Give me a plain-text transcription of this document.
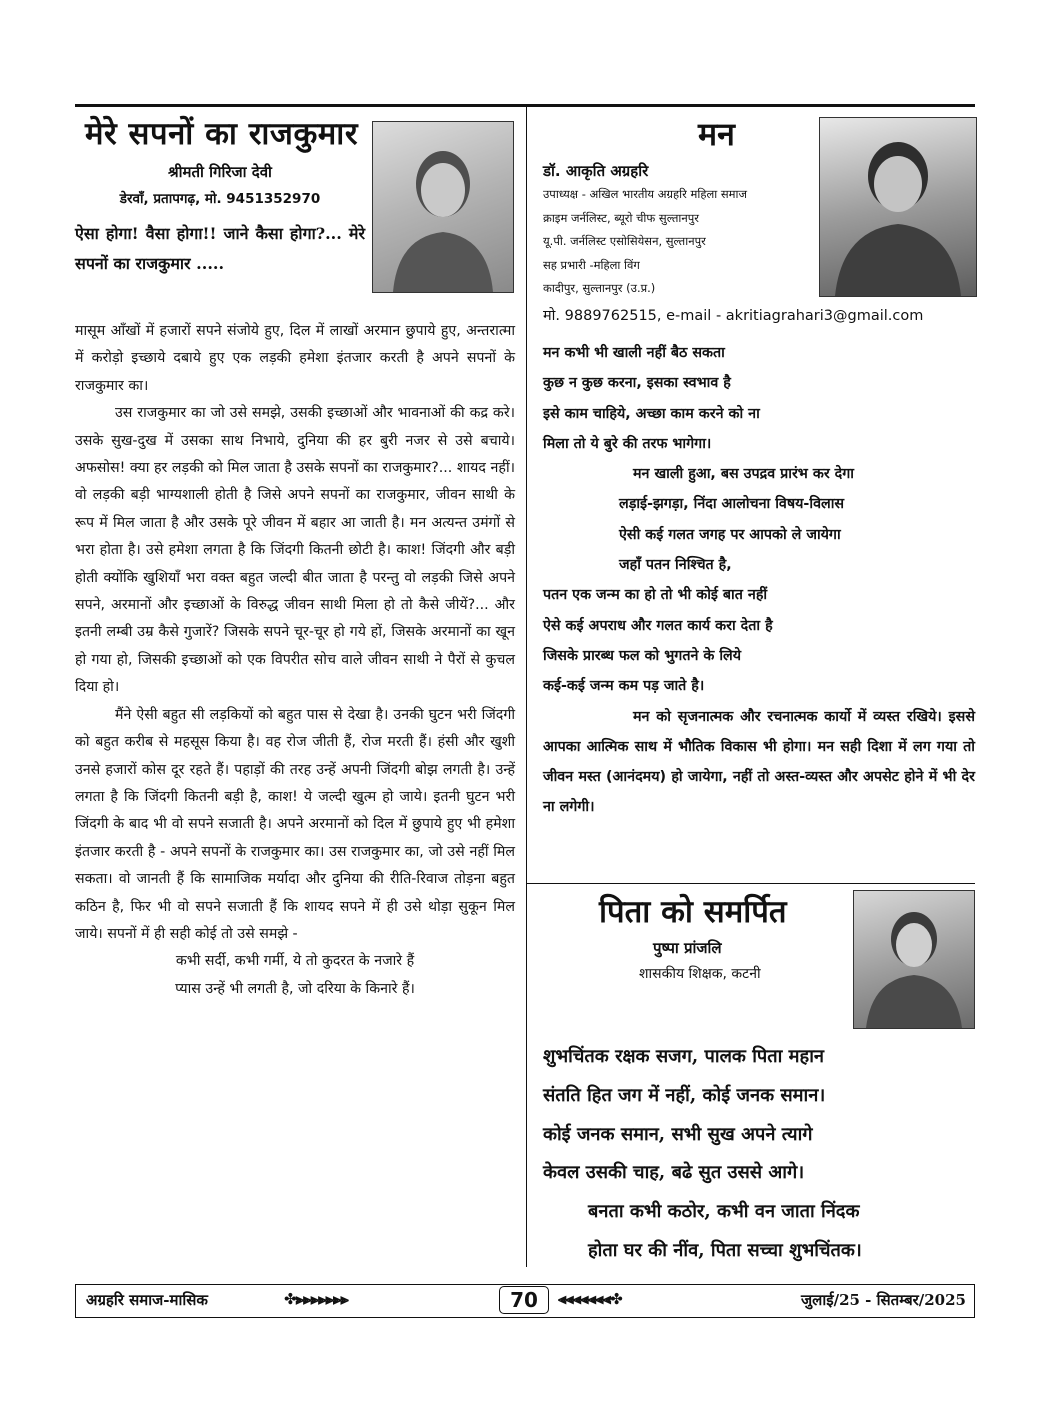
मेरे सपनों का राजकुमार
श्रीमती गिरिजा देवी
डेरवाँ, प्रतापगढ़, मो. 9451352970
ऐसा होगा! वैसा होगा!! जाने कैसा होगा?... मेरे सपनों का राजकुमार .....

मासूम आँखों में हजारों सपने संजोये हुए, दिल में लाखों अरमान छुपाये हुए, अन्तरात्मा में करोड़ो इच्छाये दबाये हुए एक लड़की हमेशा इंतजार करती है अपने सपनों के राजकुमार का।

उस राजकुमार का जो उसे समझे, उसकी इच्छाओं और भावनाओं की कद्र करे। उसके सुख-दुख में उसका साथ निभाये, दुनिया की हर बुरी नजर से उसे बचाये। अफसोस! क्या हर लड़की को मिल जाता है उसके सपनों का राजकुमार?... शायद नहीं। वो लड़की बड़ी भाग्यशाली होती है जिसे अपने सपनों का राजकुमार, जीवन साथी के रूप में मिल जाता है और उसके पूरे जीवन में बहार आ जाती है। मन अत्यन्त उमंगों से भरा होता है। उसे हमेशा लगता है कि जिंदगी कितनी छोटी है। काश! जिंदगी और बड़ी होती क्योंकि खुशियाँ भरा वक्त बहुत जल्दी बीत जाता है परन्तु वो लड़की जिसे अपने सपने, अरमानों और इच्छाओं के विरुद्ध जीवन साथी मिला हो तो कैसे जीयें?... और इतनी लम्बी उम्र कैसे गुजारें? जिसके सपने चूर-चूर हो गये हों, जिसके अरमानों का खून हो गया हो, जिसकी इच्छाओं को एक विपरीत सोच वाले जीवन साथी ने पैरों से कुचल दिया हो।

मैंने ऐसी बहुत सी लड़कियों को बहुत पास से देखा है। उनकी घुटन भरी जिंदगी को बहुत करीब से महसूस किया है। वह रोज जीती हैं, रोज मरती हैं। हंसी और खुशी उनसे हजारों कोस दूर रहते हैं। पहाड़ों की तरह उन्हें अपनी जिंदगी बोझ लगती है। उन्हें लगता है कि जिंदगी कितनी बड़ी है, काश! ये जल्दी खुत्म हो जाये। इतनी घुटन भरी जिंदगी के बाद भी वो सपने सजाती है। अपने अरमानों को दिल में छुपाये हुए भी हमेशा इंतजार करती है - अपने सपनों के राजकुमार का। उस राजकुमार का, जो उसे नहीं मिल सकता। वो जानती हैं कि सामाजिक मर्यादा और दुनिया की रीति-रिवाज तोड़ना बहुत कठिन है, फिर भी वो सपने सजाती हैं कि शायद सपने में ही उसे थोड़ा सुकून मिल जाये। सपनों में ही सही कोई तो उसे समझे -

कभी सर्दी, कभी गर्मी, ये तो कुदरत के नजारे हैं

प्यास उन्हें भी लगती है, जो दरिया के किनारे हैं।

मन
डॉ. आकृति अग्रहरि
उपाध्यक्ष - अखिल भारतीय अग्रहरि महिला समाज
क्राइम जर्नलिस्ट, ब्यूरो चीफ सुल्तानपुर
यू.पी. जर्नलिस्ट एसोसियेसन, सुल्तानपुर
सह प्रभारी -महिला विंग
कादीपुर, सुल्तानपुर (उ.प्र.)
मो. 9889762515, e-mail - akritiagrahari3@gmail.com
मन कभी भी खाली नहीं बैठ सकता
कुछ न कुछ करना, इसका स्वभाव है
इसे काम चाहिये, अच्छा काम करने को ना
मिला तो ये बुरे की तरफ भागेगा।
मन खाली हुआ, बस उपद्रव प्रारंभ कर देगा
लड़ाई-झगड़ा, निंदा आलोचना विषय-विलास
ऐसी कई गलत जगह पर आपको ले जायेगा
जहाँ पतन निश्चित है,
पतन एक जन्म का हो तो भी कोई बात नहीं
ऐसे कई अपराध और गलत कार्य करा देता है
जिसके प्रारब्ध फल को भुगतने के लिये
कई-कई जन्म कम पड़ जाते है।
मन को सृजनात्मक और रचनात्मक कार्यो में व्यस्त रखिये। इससे आपका आत्मिक साथ में भौतिक विकास भी होगा। मन सही दिशा में लग गया तो जीवन मस्त (आनंदमय) हो जायेगा, नहीं तो अस्त-व्यस्त और अपसेट होने में भी देर ना लगेगी।
पिता को समर्पित
पुष्पा प्रांजलि
शासकीय शिक्षक, कटनी
शुभचिंतक रक्षक सजग, पालक पिता महान
संतति हित जग में नहीं, कोई जनक समान।
कोई जनक समान, सभी सुख अपने त्यागे
केवल उसकी चाह, बढे सुत उससे आगे।
बनता कभी कठोर, कभी वन जाता निंदक
होता घर की नींव, पिता सच्चा शुभचिंतक।
अग्रहरि समाज-मासिक	✤⫸⫸⫸⫸⫸⫸⫸	70	⫷⫷⫷⫷⫷⫷⫷✤	जुलाई/25 - सितम्बर/2025
